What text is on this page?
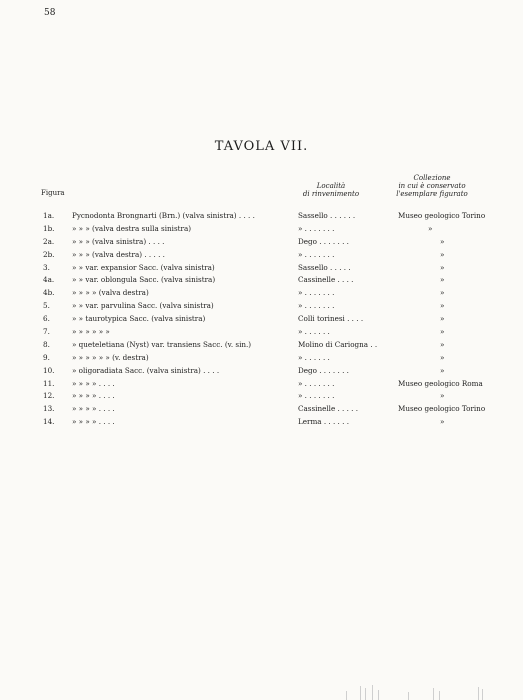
58
TAVOLA VII.
Figura
Località
di rinvenimento
Collezione
in cui è conservato
l'esemplare figurato
1a. Pycnodonta Brongnarti (Brn.) (valva sinistra) . . . .	Sassello . . . . . .	Museo geologico Torino
1b. » » » (valva destra sulla sinistra)	» . . . . . . .	»
2a. » » » (valva sinistra) . . . .	Dego . . . . . . .	»
2b. » » » (valva destra) . . . . .	» . . . . . . .	»
3.	» » var. expansior Sacc. (valva sinistra)	Sassello . . . . .	»
4a. » » var. oblongula Sacc. (valva sinistra)	Cassinelle . . . .	»
4b. » » » » (valva destra)	» . . . . . . .	»
5.	» » var. parvulina Sacc. (valva sinistra)	» . . . . . . .	»
6.	» » taurotypica Sacc. (valva sinistra)	Colli torinesi . . . .	»
7.	» » » » » »	» . . . . . .	»
8.	» queteletiana (Nyst) var. transiens Sacc. (v. sin.)	Molino di Cariogna . .	»
9.	» » » » » » (v. destra)	» . . . . . .	»
10. » oligoradiata Sacc. (valva sinistra) . . . .	Dego . . . . . . .	»
11. » » » » . . . .	» . . . . . . .	Museo geologico Roma
12. » » » » . . . .	» . . . . . . .	»
13. » » » » . . . .	Cassinelle . . . . .	Museo geologico Torino
14. » » » » . . . .	Lerma . . . . . .	»
